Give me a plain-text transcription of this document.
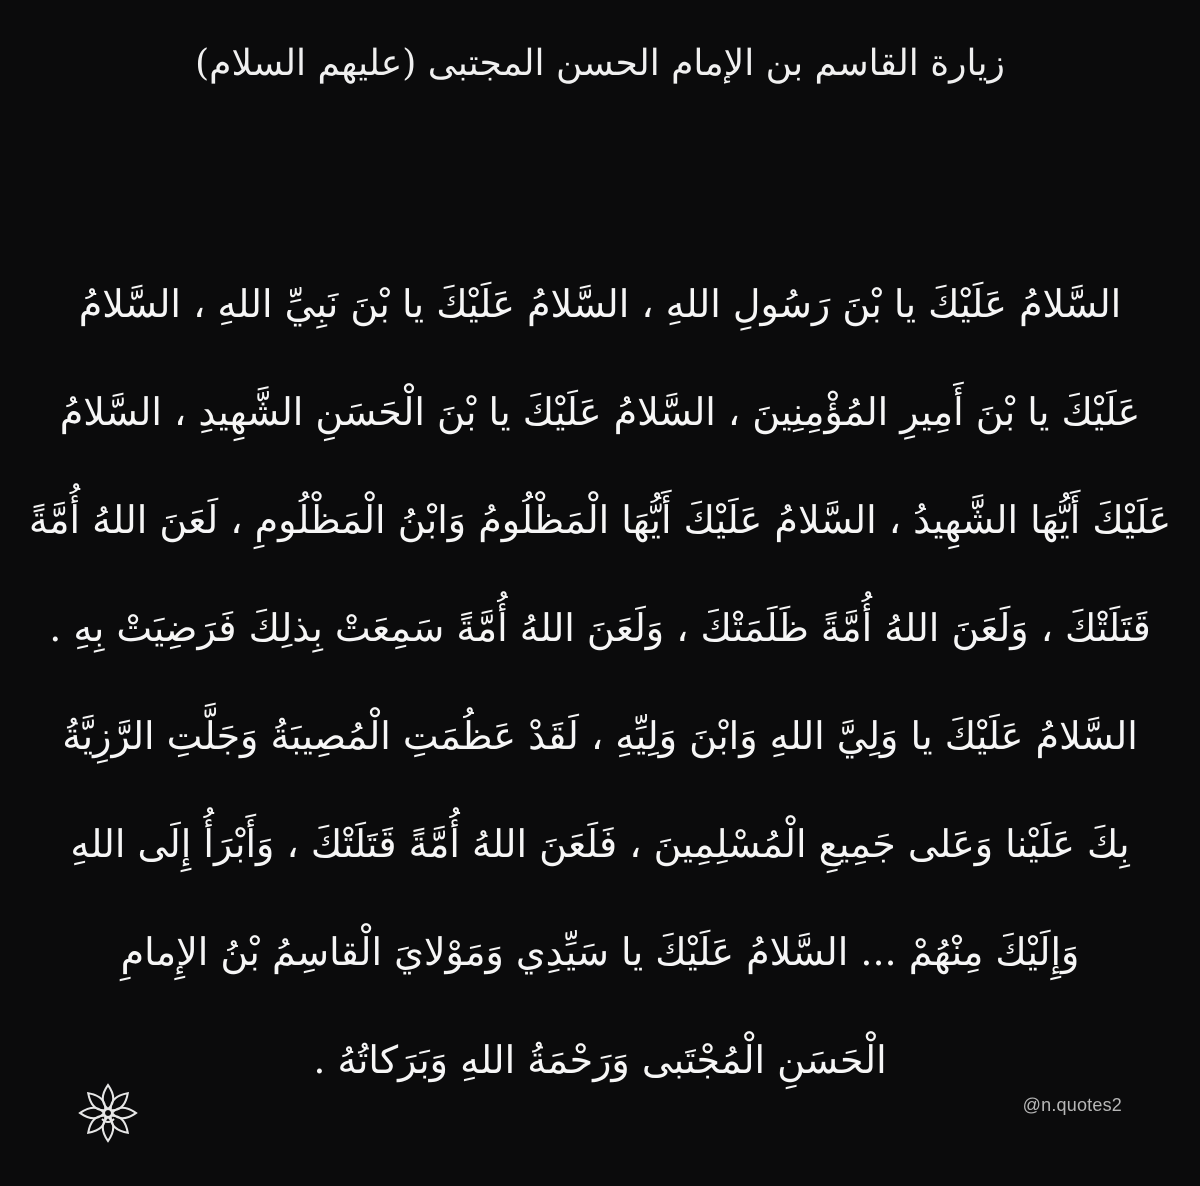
زيارة القاسم بن الإمام الحسن المجتبى (عليهم السلام)

السَّلامُ عَلَيْكَ يا بْنَ رَسُولِ اللهِ ، السَّلامُ عَلَيْكَ يا بْنَ نَبِيِّ اللهِ ، السَّلامُ

عَلَيْكَ يا بْنَ أَمِيرِ المُؤْمِنِينَ ، السَّلامُ عَلَيْكَ يا بْنَ الْحَسَنِ الشَّهِيدِ ، السَّلامُ

عَلَيْكَ أَيُّهَا الشَّهِيدُ ، السَّلامُ عَلَيْكَ أَيُّهَا الْمَظْلُومُ وَابْنُ الْمَظْلُومِ ، لَعَنَ اللهُ أُمَّةً

قَتَلَتْكَ ، وَلَعَنَ اللهُ أُمَّةً ظَلَمَتْكَ ، وَلَعَنَ اللهُ أُمَّةً سَمِعَتْ بِذلِكَ فَرَضِيَتْ بِهِ .

السَّلامُ عَلَيْكَ يا وَلِيَّ اللهِ وَابْنَ وَلِيِّهِ ، لَقَدْ عَظُمَتِ الْمُصِيبَةُ وَجَلَّتِ الرَّزِيَّةُ

بِكَ عَلَيْنا وَعَلى جَمِيعِ الْمُسْلِمِينَ ، فَلَعَنَ اللهُ أُمَّةً قَتَلَتْكَ ، وَأَبْرَأُ إِلَى اللهِ

وَإِلَيْكَ مِنْهُمْ ... السَّلامُ عَلَيْكَ يا سَيِّدِي وَمَوْلايَ الْقاسِمُ بْنُ الإِمامِ

الْحَسَنِ الْمُجْتَبى وَرَحْمَةُ اللهِ وَبَرَكاتُهُ .

@n.quotes2
